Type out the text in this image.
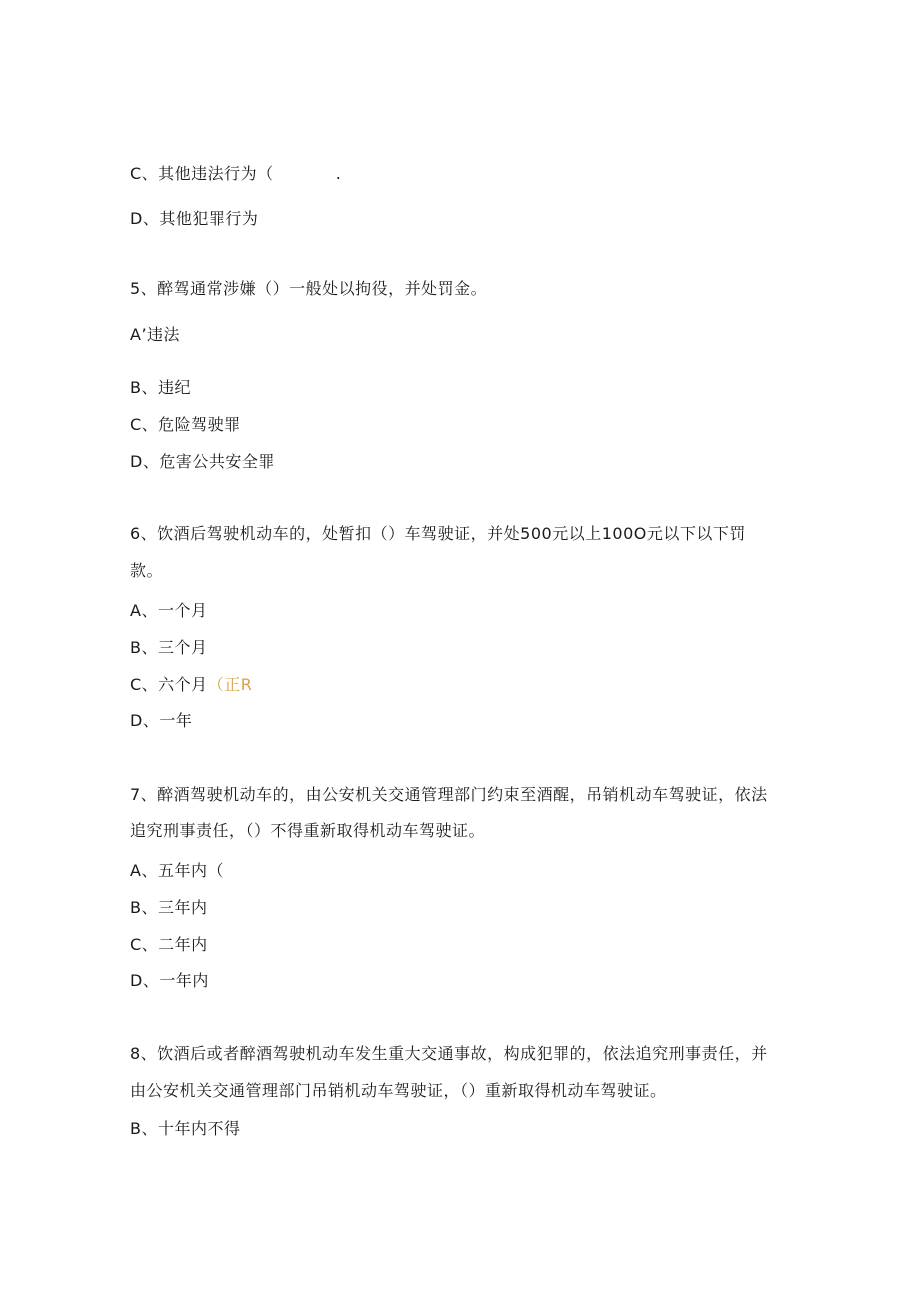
C、其他违法行为（	.
D、其他犯罪行为
5、醉驾通常涉嫌（）一般处以拘役，并处罚金。
A’违法
B、违纪
C、危险驾驶罪
D、危害公共安全罪
6、饮酒后驾驶机动车的，处暂扣（）车驾驶证，并处500元以上100O元以下以下罚
款。
A、一个月
B、三个月
C、六个月（正R
D、一年
7、醉酒驾驶机动车的，由公安机关交通管理部门约束至酒醒，吊销机动车驾驶证，依法
追究刑事责任，（）不得重新取得机动车驾驶证。
A、五年内（
B、三年内
C、二年内
D、一年内
8、饮酒后或者醉酒驾驶机动车发生重大交通事故，构成犯罪的，依法追究刑事责任，并
由公安机关交通管理部门吊销机动车驾驶证，（）重新取得机动车驾驶证。
B、十年内不得
